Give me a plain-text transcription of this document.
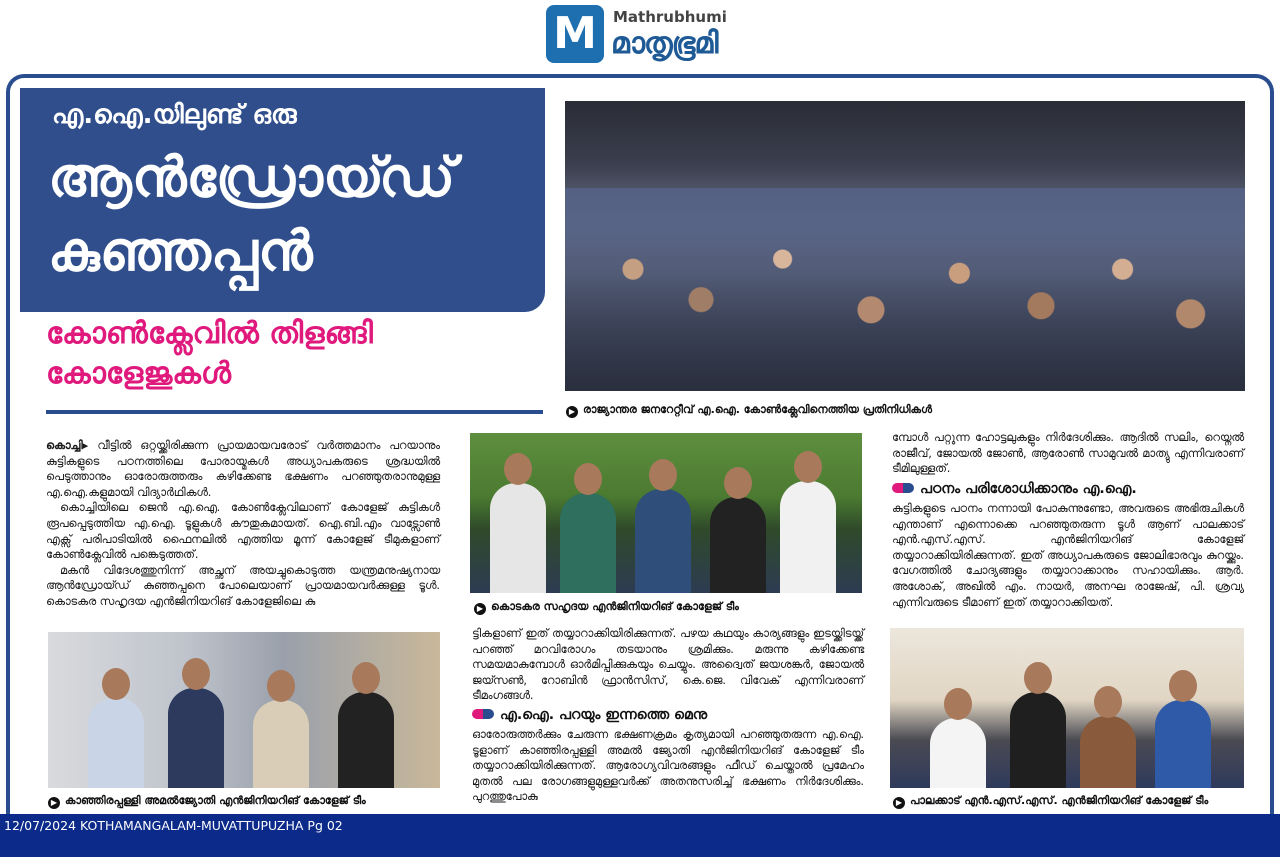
M	Mathrubhumi
മാതൃഭൂമി
എ.ഐ.യിലുണ്ട് ഒരു
ആൻഡ്രോയ്ഡ് കുഞ്ഞപ്പൻ
കോൺക്ലേവിൽ തിളങ്ങി കോളേജുകൾ
▶ രാജ്യാന്തര ജനറേറ്റീവ് എ.ഐ. കോൺക്ലേവിനെത്തിയ പ്രതിനിധികൾ

കൊച്ചി▸ വീട്ടിൽ ഒറ്റയ്ക്കിരിക്കുന്ന പ്രായമായവരോട് വർത്തമാനം പറയാനും കുട്ടികളുടെ പഠനത്തിലെ പോരായ്മകൾ അധ്യാപകരുടെ ശ്രദ്ധയിൽ പെടുത്താനും ഓരോരുത്തരും കഴിക്കേണ്ട ഭക്ഷണം പറഞ്ഞുതരാനുമുള്ള എ.ഐ.കളുമായി വിദ്യാർഥികൾ.

കൊച്ചിയിലെ ജെൻ എ.ഐ. കോൺക്ലേവിലാണ് കോളേജ് കുട്ടികൾ രൂപപ്പെടുത്തിയ എ.ഐ. ടൂളുകൾ കൗതുകമായത്. ഐ.ബി.എം വാട്സോൺ എക്സ് പരിപാടിയിൽ ഫൈനലിൽ എത്തിയ മൂന്ന് കോളേജ് ടീമുകളാണ് കോൺക്ലേവിൽ പങ്കെടുത്തത്.

മകൻ വിദേശത്തുനിന്ന് അച്ഛന് അയച്ചുകൊടുത്ത യന്ത്രമനുഷ്യനായ ആൻഡ്രോയ്ഡ് കുഞ്ഞപ്പനെ പോലെയാണ് പ്രായമായവർക്കുള്ള ടൂൾ. കൊടകര സഹൃദയ എൻജിനിയറിങ് കോളേജിലെ കു

▶ കാഞ്ഞിരപ്പള്ളി അമൽജ്യോതി എൻജിനിയറിങ് കോളേജ് ടീം
▶ കൊടകര സഹൃദയ എൻജിനിയറിങ് കോളേജ് ടീം

ട്ടികളാണ് ഇത് തയ്യാറാക്കിയിരിക്കുന്നത്. പഴയ കഥയും കാര്യങ്ങളും ഇടയ്ക്കിടയ്ക്ക് പറഞ്ഞ് മറവിരോഗം തടയാനും ശ്രമിക്കും. മരുന്നു കഴിക്കേണ്ട സമയമാകുമ്പോൾ ഓർമിപ്പിക്കുകയും ചെയ്യും. അദ്വൈത് ജയശങ്കർ, ജോയൽ ജയ്സൺ, റോബിൻ ഫ്രാൻസിസ്, കെ.ജെ. വിവേക് എന്നിവരാണ് ടീമംഗങ്ങൾ.

എ.ഐ. പറയും ഇന്നത്തെ മെനു

ഓരോരുത്തർക്കും ചേരുന്ന ഭക്ഷണക്രമം കൃത്യമായി പറഞ്ഞുതരുന്ന എ.ഐ. ടൂളാണ് കാഞ്ഞിരപ്പള്ളി അമൽ ജ്യോതി എൻജിനിയറിങ് കോളേജ് ടീം തയ്യാറാക്കിയിരിക്കുന്നത്. ആരോഗ്യവിവരങ്ങളും ഫീഡ് ചെയ്താൽ പ്രമേഹം മുതൽ പല രോഗങ്ങളുമുള്ളവർക്ക് അതനുസരിച്ച് ഭക്ഷണം നിർദേശിക്കും. പുറത്തുപോകു

മ്പോൾ പറ്റുന്ന ഹോട്ടലുകളും നിർദേശിക്കും. ആദിൽ സലിം, റെയ്നൽ രാജീവ്, ജോയൽ ജോൺ, ആരോൺ സാമുവൽ മാത്യു എന്നിവരാണ് ടീമിലുള്ളത്.

പഠനം പരിശോധിക്കാനും എ.ഐ.

കുട്ടികളുടെ പഠനം നന്നായി പോകുന്നുണ്ടോ, അവരുടെ അഭിരുചികൾ എന്താണ് എന്നൊക്കെ പറഞ്ഞുതരുന്ന ടൂൾ ആണ് പാലക്കാട് എൻ.എസ്.എസ്. എൻജിനിയറിങ് കോളേജ് തയ്യാറാക്കിയിരിക്കുന്നത്. ഇത് അധ്യാപകരുടെ ജോലിഭാരവും കുറയ്ക്കും. വേഗത്തിൽ ചോദ്യങ്ങളും തയ്യാറാക്കാനും സഹായിക്കും. ആർ. അശോക്, അഖിൽ എം. നായർ, അനഘ രാജേഷ്, പി. ശ്രവ്യ എന്നിവരുടെ ടീമാണ് ഇത് തയ്യാറാക്കിയത്.

▶ പാലക്കാട് എൻ.എസ്.എസ്. എൻജിനിയറിങ് കോളേജ് ടീം
12/07/2024 KOTHAMANGALAM-MUVATTUPUZHA Pg 02
